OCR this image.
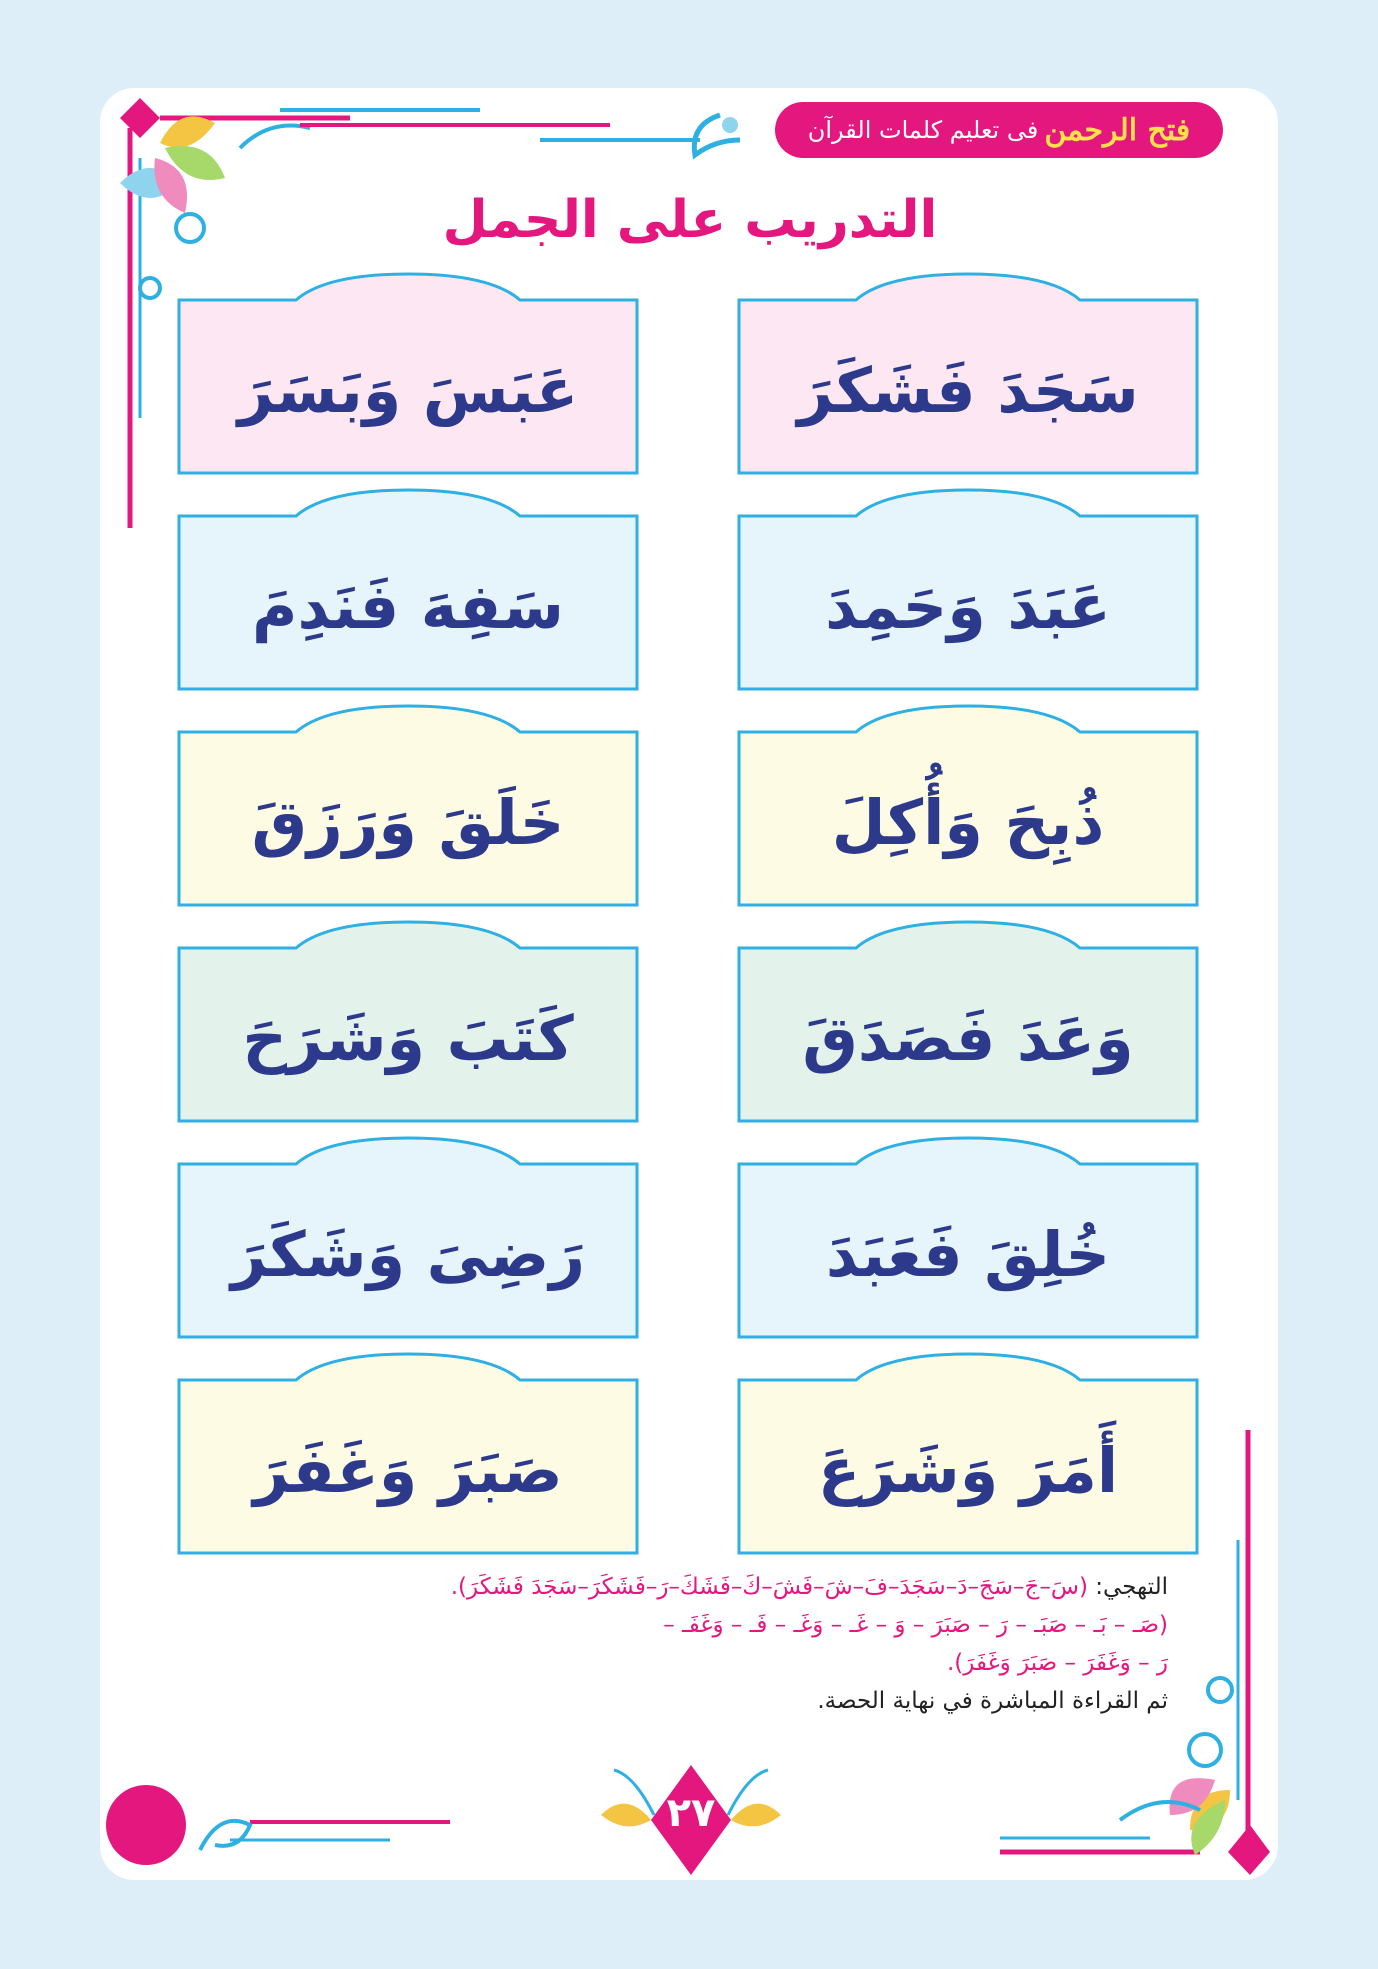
فتح الرحمن
فى تعليم كلمات القرآن
التدريب على الجمل
سَجَدَ فَشَكَرَ
عَبَسَ وَبَسَرَ
عَبَدَ وَحَمِدَ
سَفِهَ فَنَدِمَ
ذُبِحَ وَأُكِلَ
خَلَقَ وَرَزَقَ
وَعَدَ فَصَدَقَ
كَتَبَ وَشَرَحَ
خُلِقَ فَعَبَدَ
رَضِىَ وَشَكَرَ
أَمَرَ وَشَرَعَ
صَبَرَ وَغَفَرَ
التهجي: (سَ–جَ–سَجَ–دَ–سَجَدَ–فَ–شَ–فَشَ–كَ–فَشَكَ–رَ–فَشَكَرَ–سَجَدَ فَشَكَرَ).
(صَـ – بَـ – صَبَـ – رَ – صَبَرَ – وَ – غَـ – وَغَـ – فَـ – وَغَفَـ –
رَ – وَغَفَرَ – صَبَرَ وَغَفَرَ).
ثم القراءة المباشرة في نهاية الحصة.
٢٧
